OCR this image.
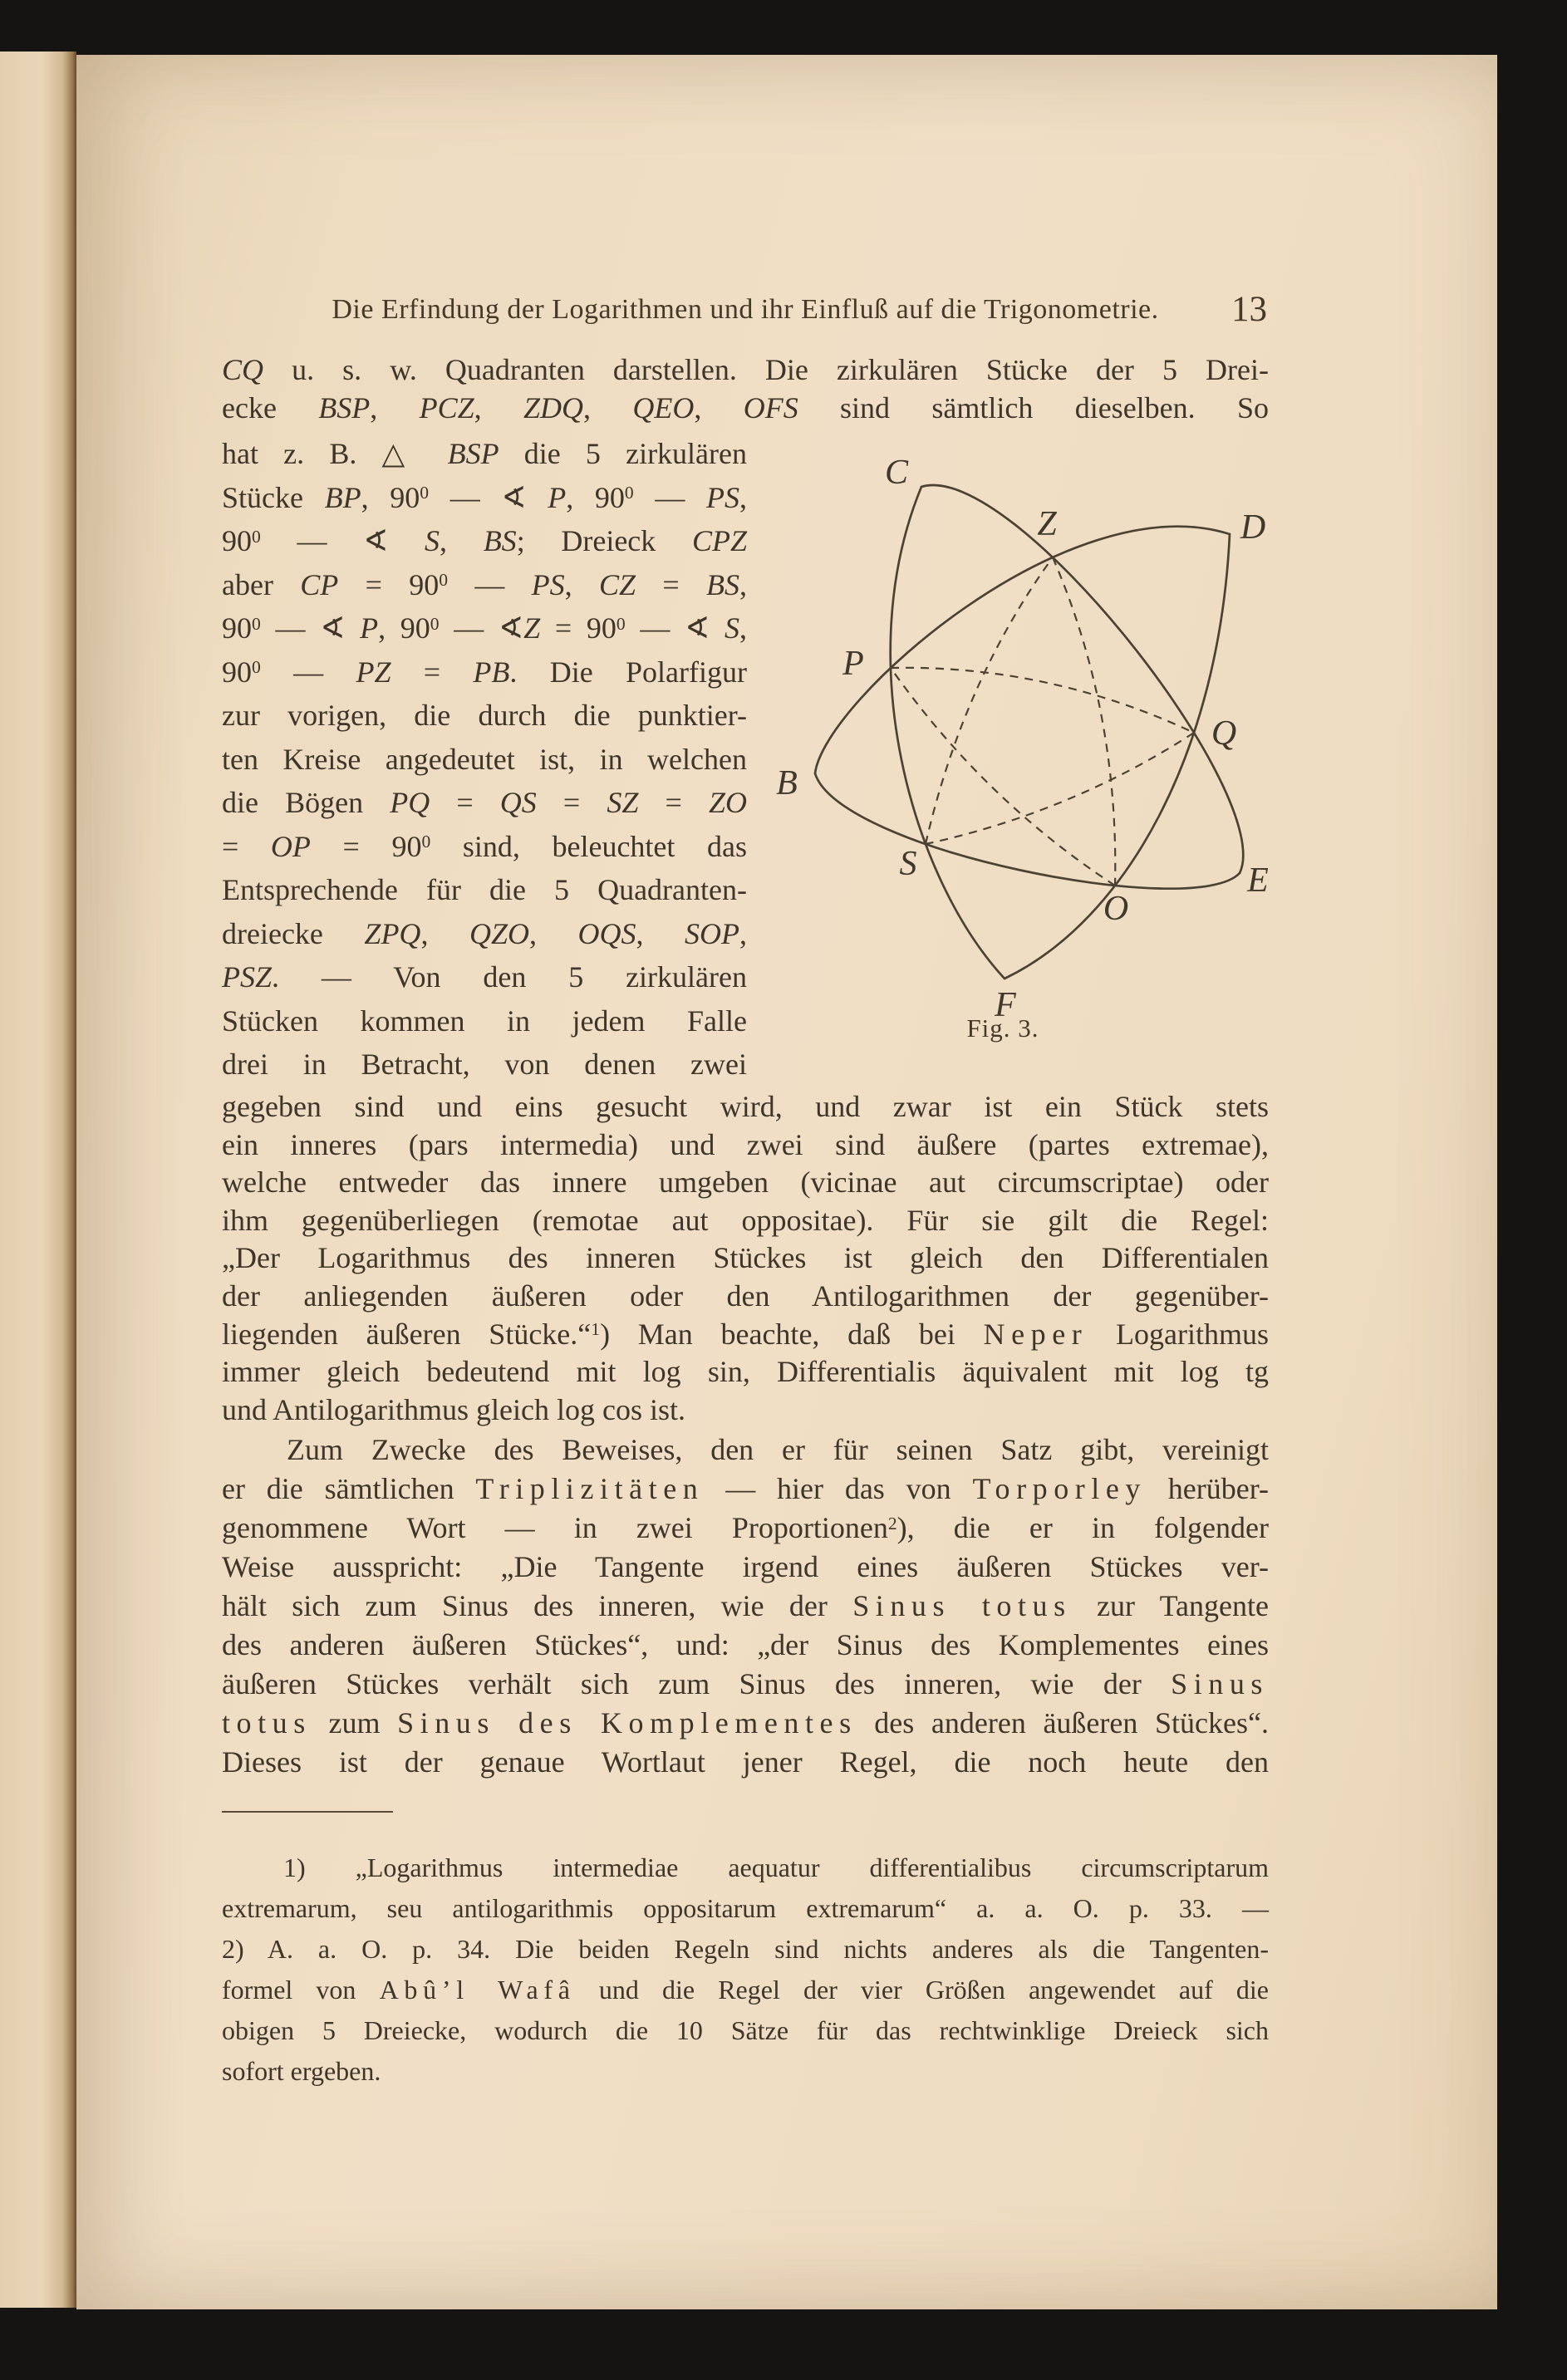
Die Erfindung der Logarithmen und ihr Einfluß auf die Trigonometrie.	13
CQ u. s. w. Quadranten darstellen. Die zirkulären Stücke der 5 Drei-
ecke BSP, PCZ, ZDQ, QEO, OFS sind sämtlich dieselben. So
hat z. B. △ BSP die 5 zirkulären
Stücke BP, $90^0$ — ∢ P, $90^0$ — PS,
$90^0$ — ∢ S, BS; Dreieck CPZ
aber CP = $90^0$ — PS, CZ = BS,
$90^0$ — ∢ P, $90^0$ — ∢Z = $90^0$ — ∢ S,
$90^0$ — PZ = PB. Die Polarfigur
zur vorigen, die durch die punktier-
ten Kreise angedeutet ist, in welchen
die Bögen PQ = QS = SZ = ZO
= OP = $90^0$ sind, beleuchtet das
Entsprechende für die 5 Quadranten-
dreiecke ZPQ, QZO, OQS, SOP,
PSZ. — Von den 5 zirkulären
Stücken kommen in jedem Falle
drei in Betracht, von denen zwei
C
Z	D
P
Q
B
S	E
O
F
Fig. 3.
gegeben sind und eins gesucht wird, und zwar ist ein Stück stets
ein inneres (pars intermedia) und zwei sind äußere (partes extremae),
welche entweder das innere umgeben (vicinae aut circumscriptae) oder
ihm gegenüberliegen (remotae aut oppositae). Für sie gilt die Regel:
„Der Logarithmus des inneren Stückes ist gleich den Differentialen
der anliegenden äußeren oder den Antilogarithmen der gegenüber-
liegenden äußeren Stücke.“$^1$) Man beachte, daß bei Neper Logarithmus
immer gleich bedeutend mit log sin, Differentialis äquivalent mit log tg
und Antilogarithmus gleich log cos ist.
Zum Zwecke des Beweises, den er für seinen Satz gibt, vereinigt
er die sämtlichen Triplizitäten — hier das von Torporley herüber-
genommene Wort — in zwei Proportionen$^2$), die er in folgender
Weise ausspricht: „Die Tangente irgend eines äußeren Stückes ver-
hält sich zum Sinus des inneren, wie der Sinus totus zur Tangente
des anderen äußeren Stückes“, und: „der Sinus des Komplementes eines
äußeren Stückes verhält sich zum Sinus des inneren, wie der Sinus
totus zum Sinus des Komplementes des anderen äußeren Stückes“.
Dieses ist der genaue Wortlaut jener Regel, die noch heute den
1) „Logarithmus intermediae aequatur differentialibus circumscriptarum
extremarum, seu antilogarithmis oppositarum extremarum“ a. a. O. p. 33. —
2) A. a. O. p. 34. Die beiden Regeln sind nichts anderes als die Tangenten-
formel von Abû’l Wafâ und die Regel der vier Größen angewendet auf die
obigen 5 Dreiecke, wodurch die 10 Sätze für das rechtwinklige Dreieck sich
sofort ergeben.
